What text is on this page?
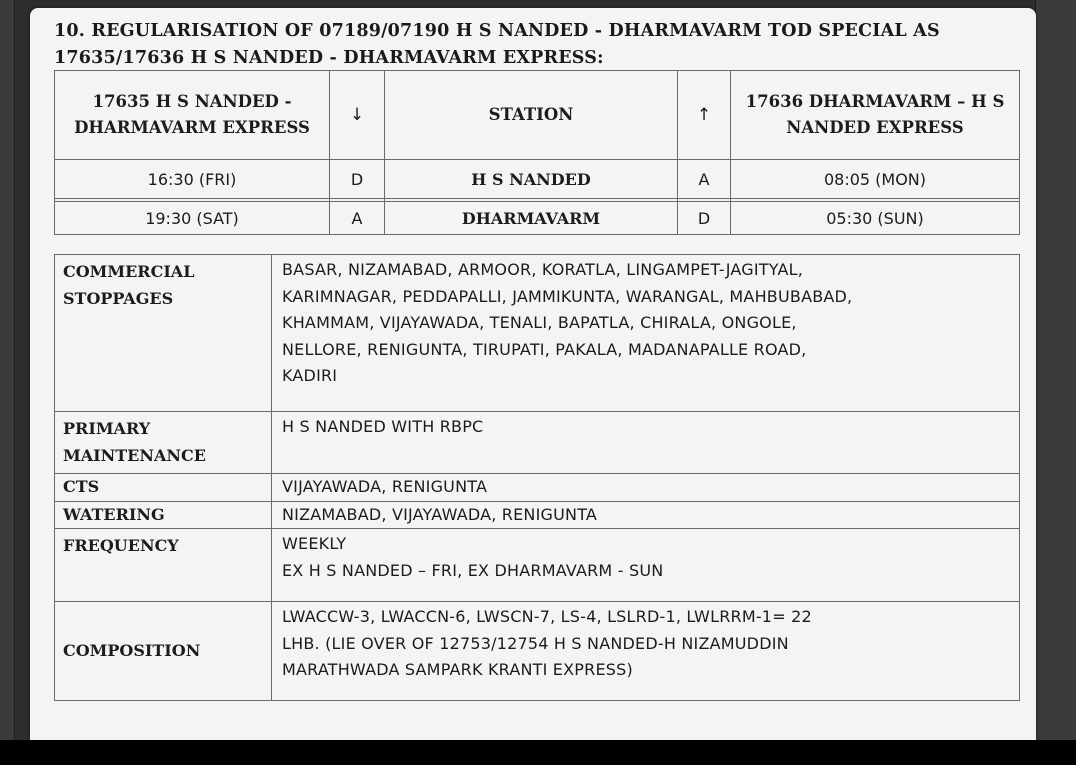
10. REGULARISATION OF 07189/07190 H S NANDED - DHARMAVARM TOD SPECIAL AS
17635/17636 H S NANDED - DHARMAVARM EXPRESS:
17635 H S NANDED - DHARMAVARM EXPRESS	↓	STATION	↑	17636 DHARMAVARM – H S NANDED EXPRESS
16:30 (FRI)	D	H S NANDED	A	08:05 (MON)

19:30 (SAT)	A	DHARMAVARM	D	05:30 (SUN)
COMMERCIAL STOPPAGES	BASAR, NIZAMABAD, ARMOOR, KORATLA, LINGAMPET-JAGITYAL,
KARIMNAGAR, PEDDAPALLI, JAMMIKUNTA, WARANGAL, MAHBUBABAD,
KHAMMAM, VIJAYAWADA, TENALI, BAPATLA, CHIRALA, ONGOLE,
NELLORE, RENIGUNTA, TIRUPATI, PAKALA, MADANAPALLE ROAD,
KADIRI

PRIMARY MAINTENANCE	H S NANDED WITH RBPC

CTS	VIJAYAWADA, RENIGUNTA

WATERING	NIZAMABAD, VIJAYAWADA, RENIGUNTA

FREQUENCY	WEEKLY
EX H S NANDED – FRI, EX DHARMAVARM - SUN

COMPOSITION	LWACCW-3, LWACCN-6, LWSCN-7, LS-4, LSLRD-1, LWLRRM-1= 22
LHB. (LIE OVER OF 12753/12754 H S NANDED-H NIZAMUDDIN
MARATHWADA SAMPARK KRANTI EXPRESS)
